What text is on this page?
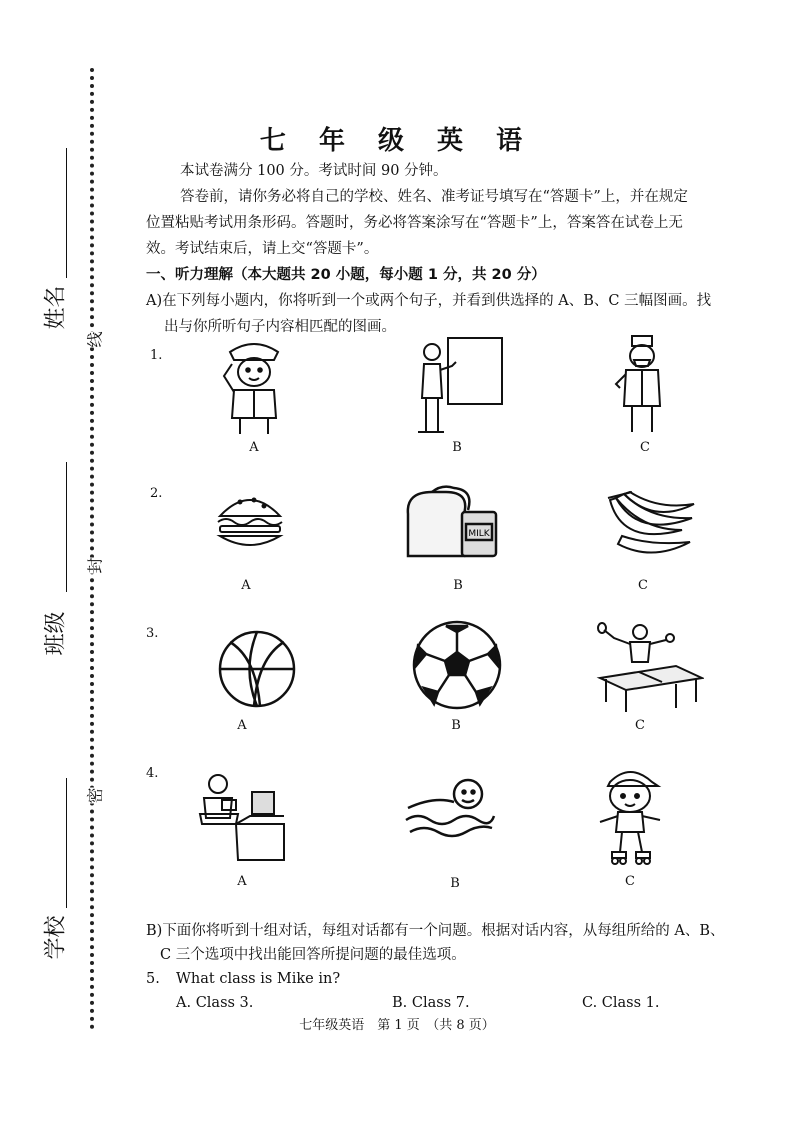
姓名
班级
学校
线
封
密
七 年 级 英 语
本试卷满分 100 分。考试时间 90 分钟。
答卷前，请你务必将自己的学校、姓名、准考证号填写在“答题卡”上，并在规定
位置粘贴考试用条形码。答题时，务必将答案涂写在“答题卡”上，答案答在试卷上无
效。考试结束后，请上交“答题卡”。
一、听力理解（本大题共 20 小题，每小题 1 分，共 20 分）
A)在下列每小题内，你将听到一个或两个句子，并看到供选择的 A、B、C 三幅图画。找
出与你所听句子内容相匹配的图画。
1.
A	B	C
2.
A
MILK
B	C
3.
A	B	C
4.
A	B	C
B)下面你将听到十组对话，每组对话都有一个问题。根据对话内容，从每组所给的 A、B、
C 三个选项中找出能回答所提问题的最佳选项。
5. What class is Mike in?
A. Class 3.	B. Class 7.	C. Class 1.
七年级英语　第 1 页　（共 8 页）
